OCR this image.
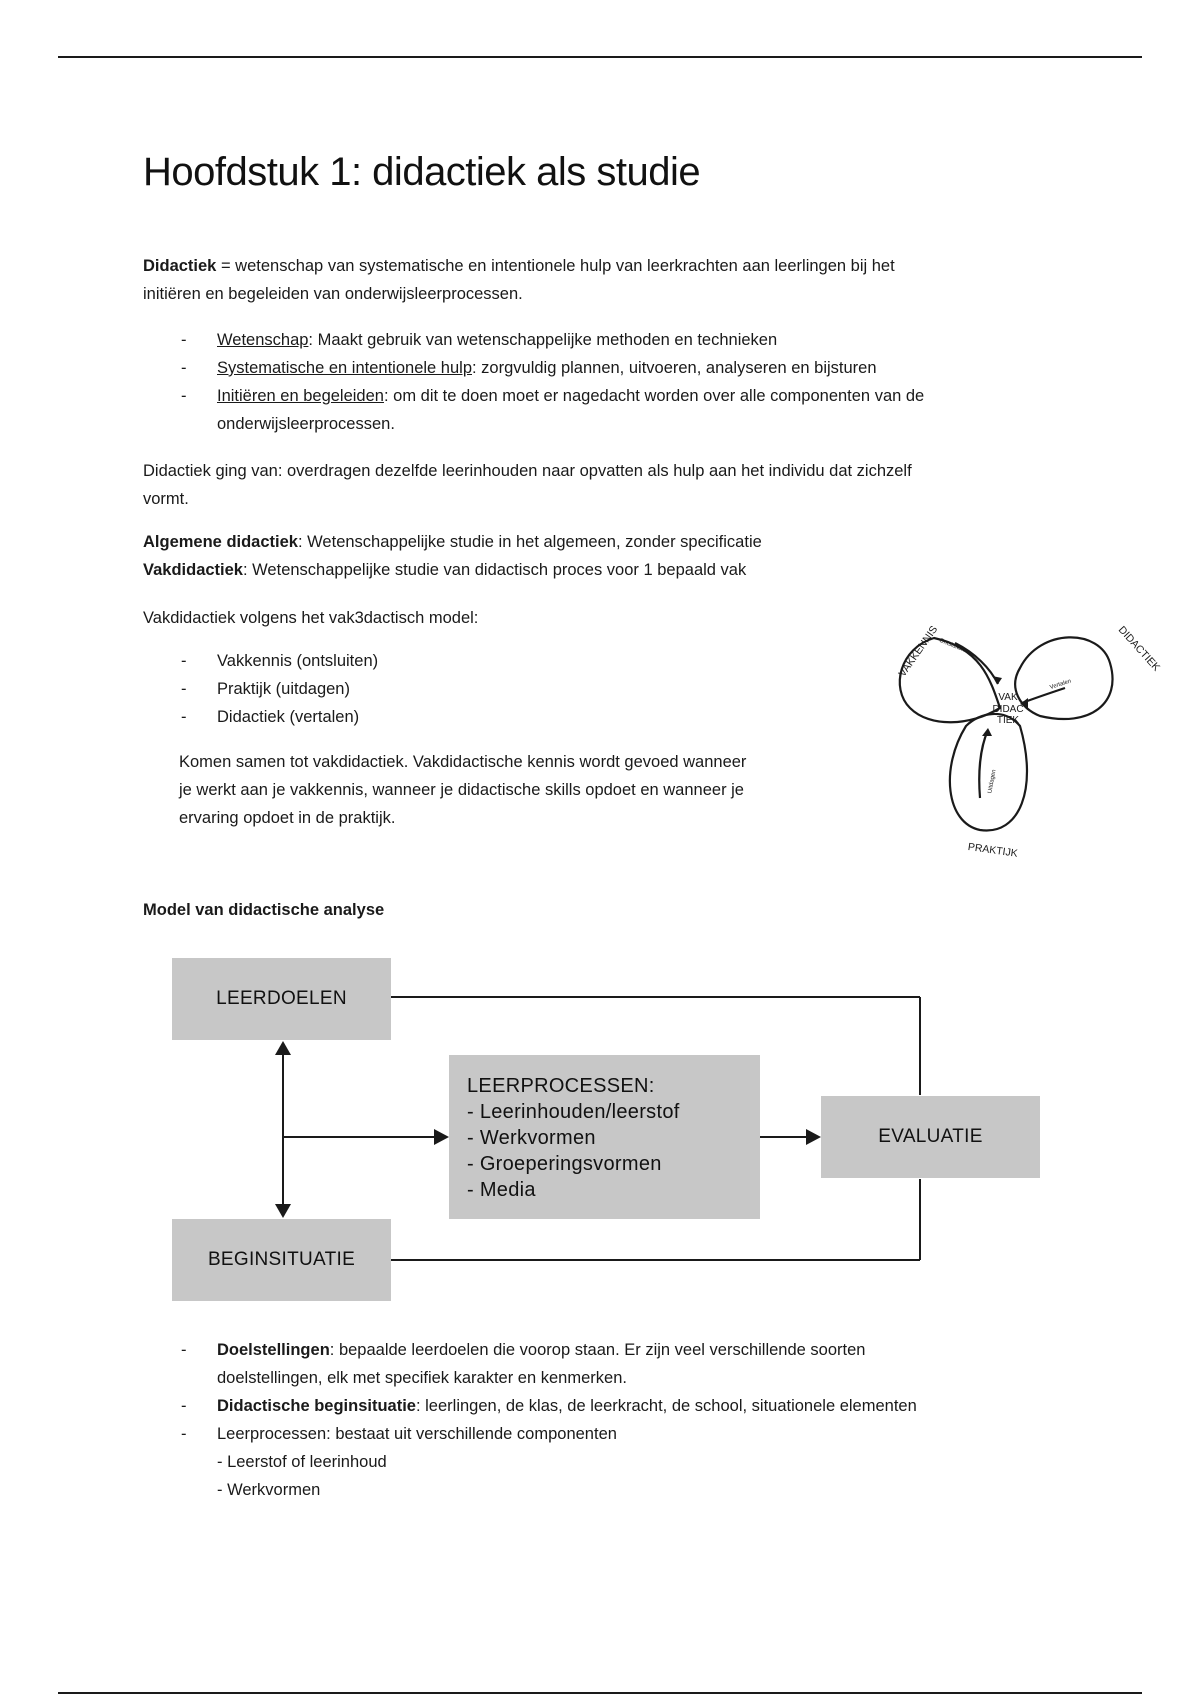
Hoofdstuk 1: didactiek als studie

Didactiek = wetenschap van systematische en intentionele hulp van leerkrachten aan leerlingen bij het
initiëren en begeleiden van onderwijsleerprocessen.

- Wetenschap: Maakt gebruik van wetenschappelijke methoden en technieken
- Systematische en intentionele hulp: zorgvuldig plannen, uitvoeren, analyseren en bijsturen
- Initiëren en begeleiden: om dit te doen moet er nagedacht worden over alle componenten van de
onderwijsleerprocessen.

Didactiek ging van: overdragen dezelfde leerinhouden naar opvatten als hulp aan het individu dat zichzelf
vormt.

Algemene didactiek: Wetenschappelijke studie in het algemeen, zonder specificatie
Vakdidactiek: Wetenschappelijke studie van didactisch proces voor 1 bepaald vak

Vakdidactiek volgens het vak3dactisch model:

- Vakkennis (ontsluiten)
- Praktijk (uitdagen)
- Didactiek (vertalen)

Komen samen tot vakdidactiek. Vakdidactische kennis wordt gevoed wanneer
je werkt aan je vakkennis, wanneer je didactische skills opdoet en wanneer je
ervaring opdoet in de praktijk.

Model van didactische analyse

- Doelstellingen: bepaalde leerdoelen die voorop staan. Er zijn veel verschillende soorten
doelstellingen, elk met specifiek karakter en kenmerken.
- Didactische beginsituatie: leerlingen, de klas, de leerkracht, de school, situationele elementen
- Leerprocessen: bestaat uit verschillende componenten
- Leerstof of leerinhoud
- Werkvormen
VAKKENNIS	DIDACTIEK
PRAKTIJK
VAK
DIDAC
TIEK
Ontsluiten
Vertalen
Uitdagen
LEERDOELEN
BEGINSITUATIE
EVALUATIE
LEERPROCESSEN:
- Leerinhouden/leerstof
- Werkvormen
- Groeperingsvormen
- Media
